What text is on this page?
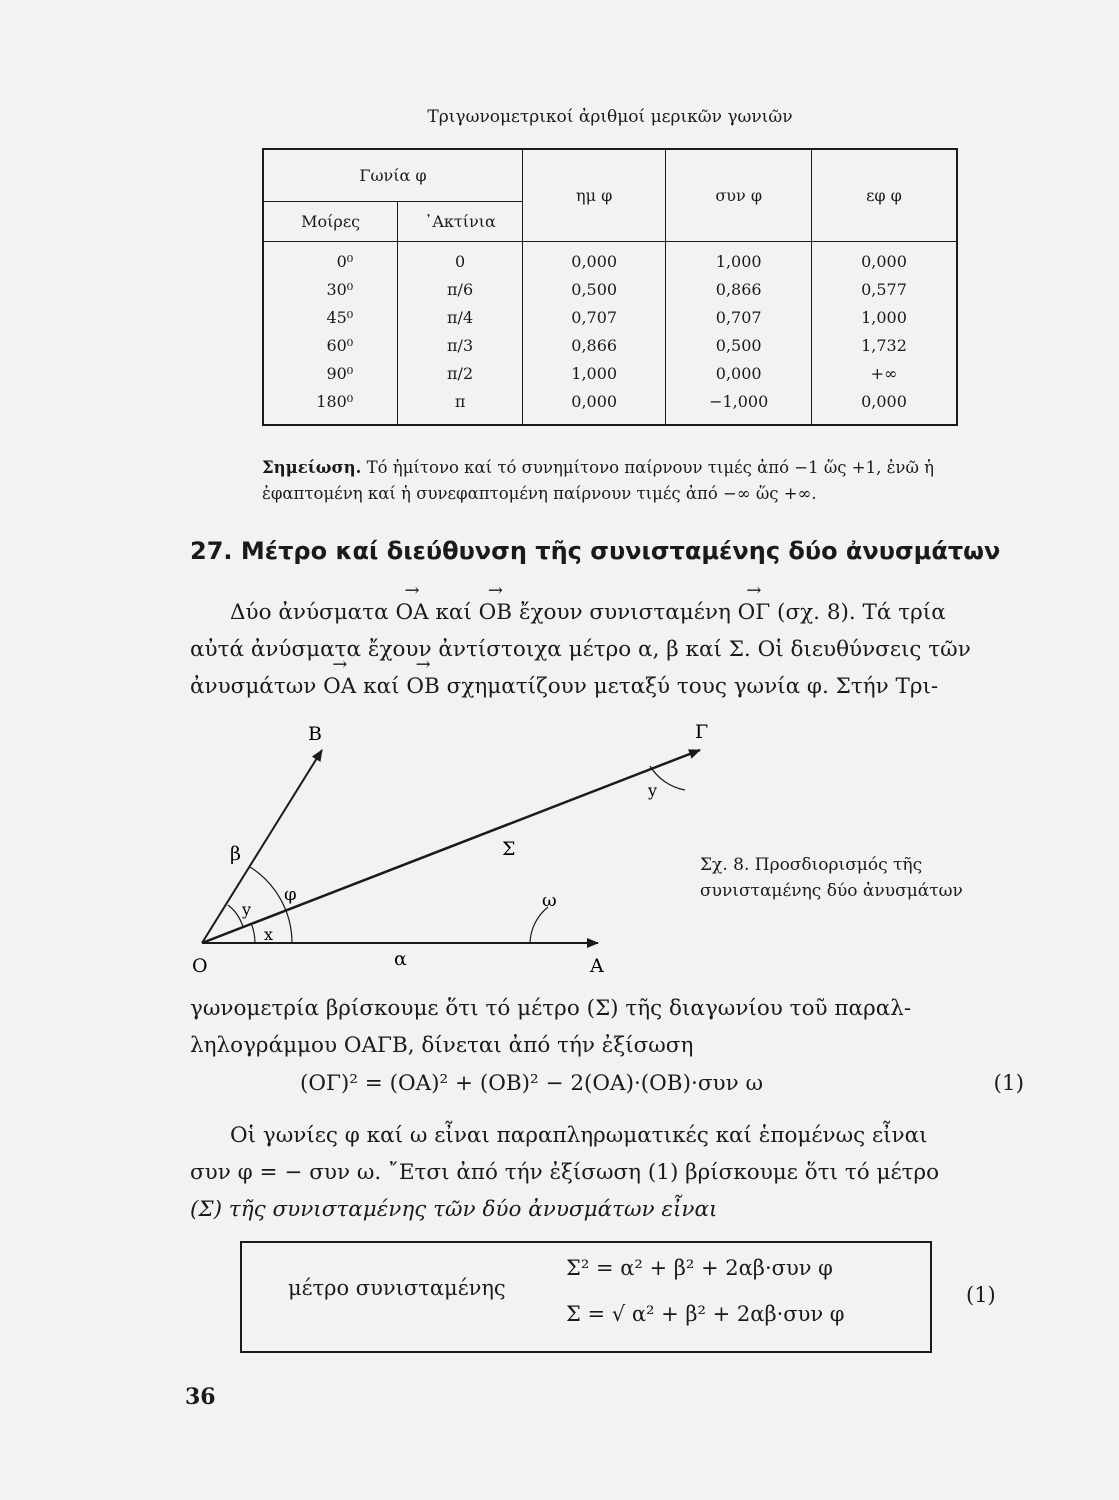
Τριγωνομετρικοί ἀριθμοί μερικῶν γωνιῶν
Γωνία φ		ημ φ	συν φ	εφ φ
Μοίρες	᾿Ακτίνια			
0⁰	0	0,000	1,000	0,000
30⁰	π/6	0,500	0,866	0,577
45⁰	π/4	0,707	0,707	1,000
60⁰	π/3	0,866	0,500	1,732
90⁰	π/2	1,000	0,000	+∞
180⁰	π	0,000	−1,000	0,000
Σημείωση. Τό ἡμίτονο καί τό συνημίτονο παίρνουν τιμές ἀπό −1 ὥς +1, ἐνῶ ἡ ἐφαπτομένη καί ἡ συνεφαπτομένη παίρνουν τιμές ἀπό −∞ ὥς +∞.
27. Μέτρο καί διεύθυνση τῆς συνισταμένης δύο ἀνυσμάτων
Δύο ἀνύσματα → ΟΑ καί → ΟΒ ἔχουν συνισταμένη → ΟΓ (σχ. 8). Τά τρία
αὐτά ἀνύσματα ἔχουν ἀντίστοιχα μέτρο α, β καί Σ. Οἱ διευθύνσεις τῶν
ἀνυσμάτων → ΟΑ καί → ΟΒ σχηματίζουν μεταξύ τους γωνία φ. Στήν Τρι-
Ο	Α
Β	Γ
α
β	Σ
φ	ω
x
y
y
Σχ. 8. Προσδιορισμός τῆς
συνισταμένης δύο ἀνυσμάτων
γωνομετρία βρίσκουμε ὅτι τό μέτρο (Σ) τῆς διαγωνίου τοῦ παραλ-
ληλογράμμου ΟΑΓΒ, δίνεται ἀπό τήν ἐξίσωση
(ΟΓ)² = (ΟΑ)² + (ΟΒ)² − 2(ΟΑ)·(ΟΒ)·συν ω	(1)
Οἱ γωνίες φ καί ω εἶναι παραπληρωματικές καί ἑπομένως εἶναι
συν φ = − συν ω. ῎Ετσι ἀπό τήν ἐξίσωση (1) βρίσκουμε ὅτι τό μέτρο
(Σ) τῆς συνισταμένης τῶν δύο ἀνυσμάτων εἶναι
μέτρο συνισταμένης
Σ² = α² + β² + 2αβ·συν φ
Σ = √ α² + β² + 2αβ·συν φ
(1)
36
